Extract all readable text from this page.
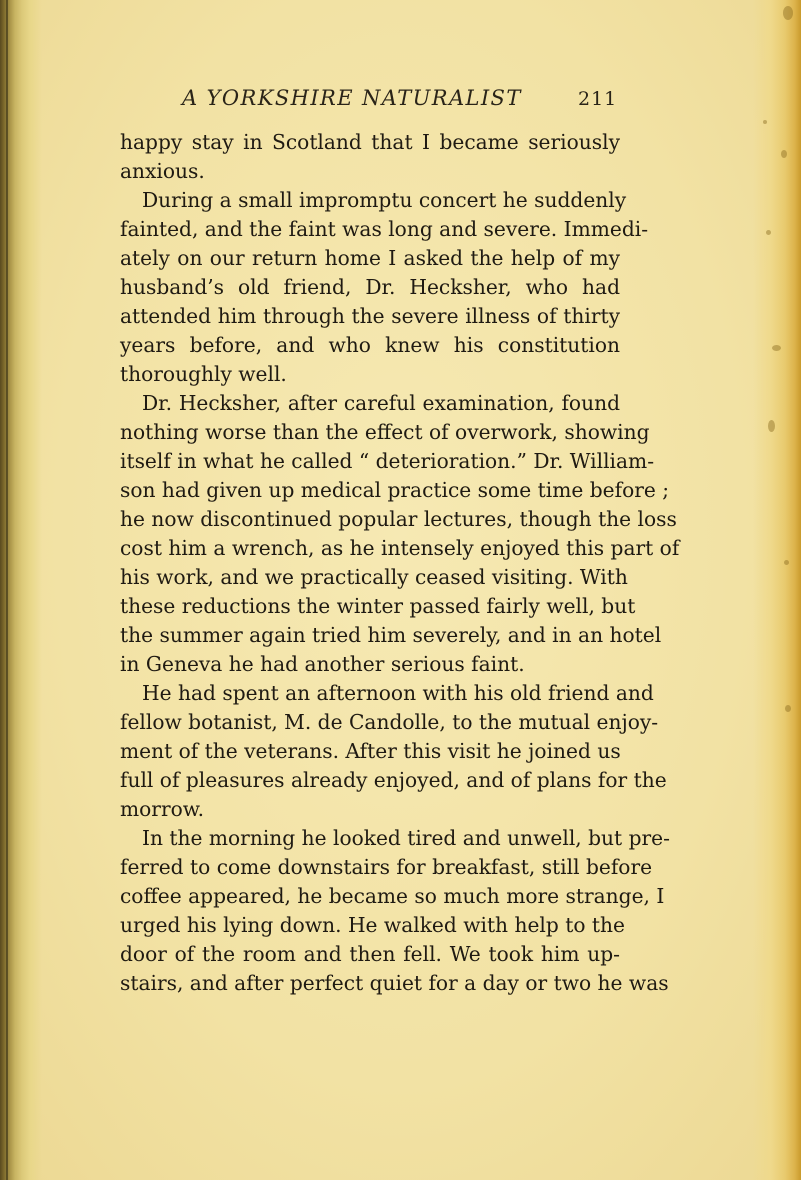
A YORKSHIRE NATURALIST	211
happy stay in Scotland that I became seriously
anxious.
During a small impromptu concert he suddenly
fainted, and the faint was long and severe. Immedi-
ately on our return home I asked the help of my
husband’s old friend, Dr. Hecksher, who had
attended him through the severe illness of thirty
years before, and who knew his constitution
thoroughly well.
Dr. Hecksher, after careful examination, found
nothing worse than the effect of overwork, showing
itself in what he called “ deterioration.” Dr. William-
son had given up medical practice some time before ;
he now discontinued popular lectures, though the loss
cost him a wrench, as he intensely enjoyed this part of
his work, and we practically ceased visiting. With
these reductions the winter passed fairly well, but
the summer again tried him severely, and in an hotel
in Geneva he had another serious faint.
He had spent an afternoon with his old friend and
fellow botanist, M. de Candolle, to the mutual enjoy-
ment of the veterans. After this visit he joined us
full of pleasures already enjoyed, and of plans for the
morrow.
In the morning he looked tired and unwell, but pre-
ferred to come downstairs for breakfast, still before
coffee appeared, he became so much more strange, I
urged his lying down. He walked with help to the
door of the room and then fell. We took him up-
stairs, and after perfect quiet for a day or two he was
